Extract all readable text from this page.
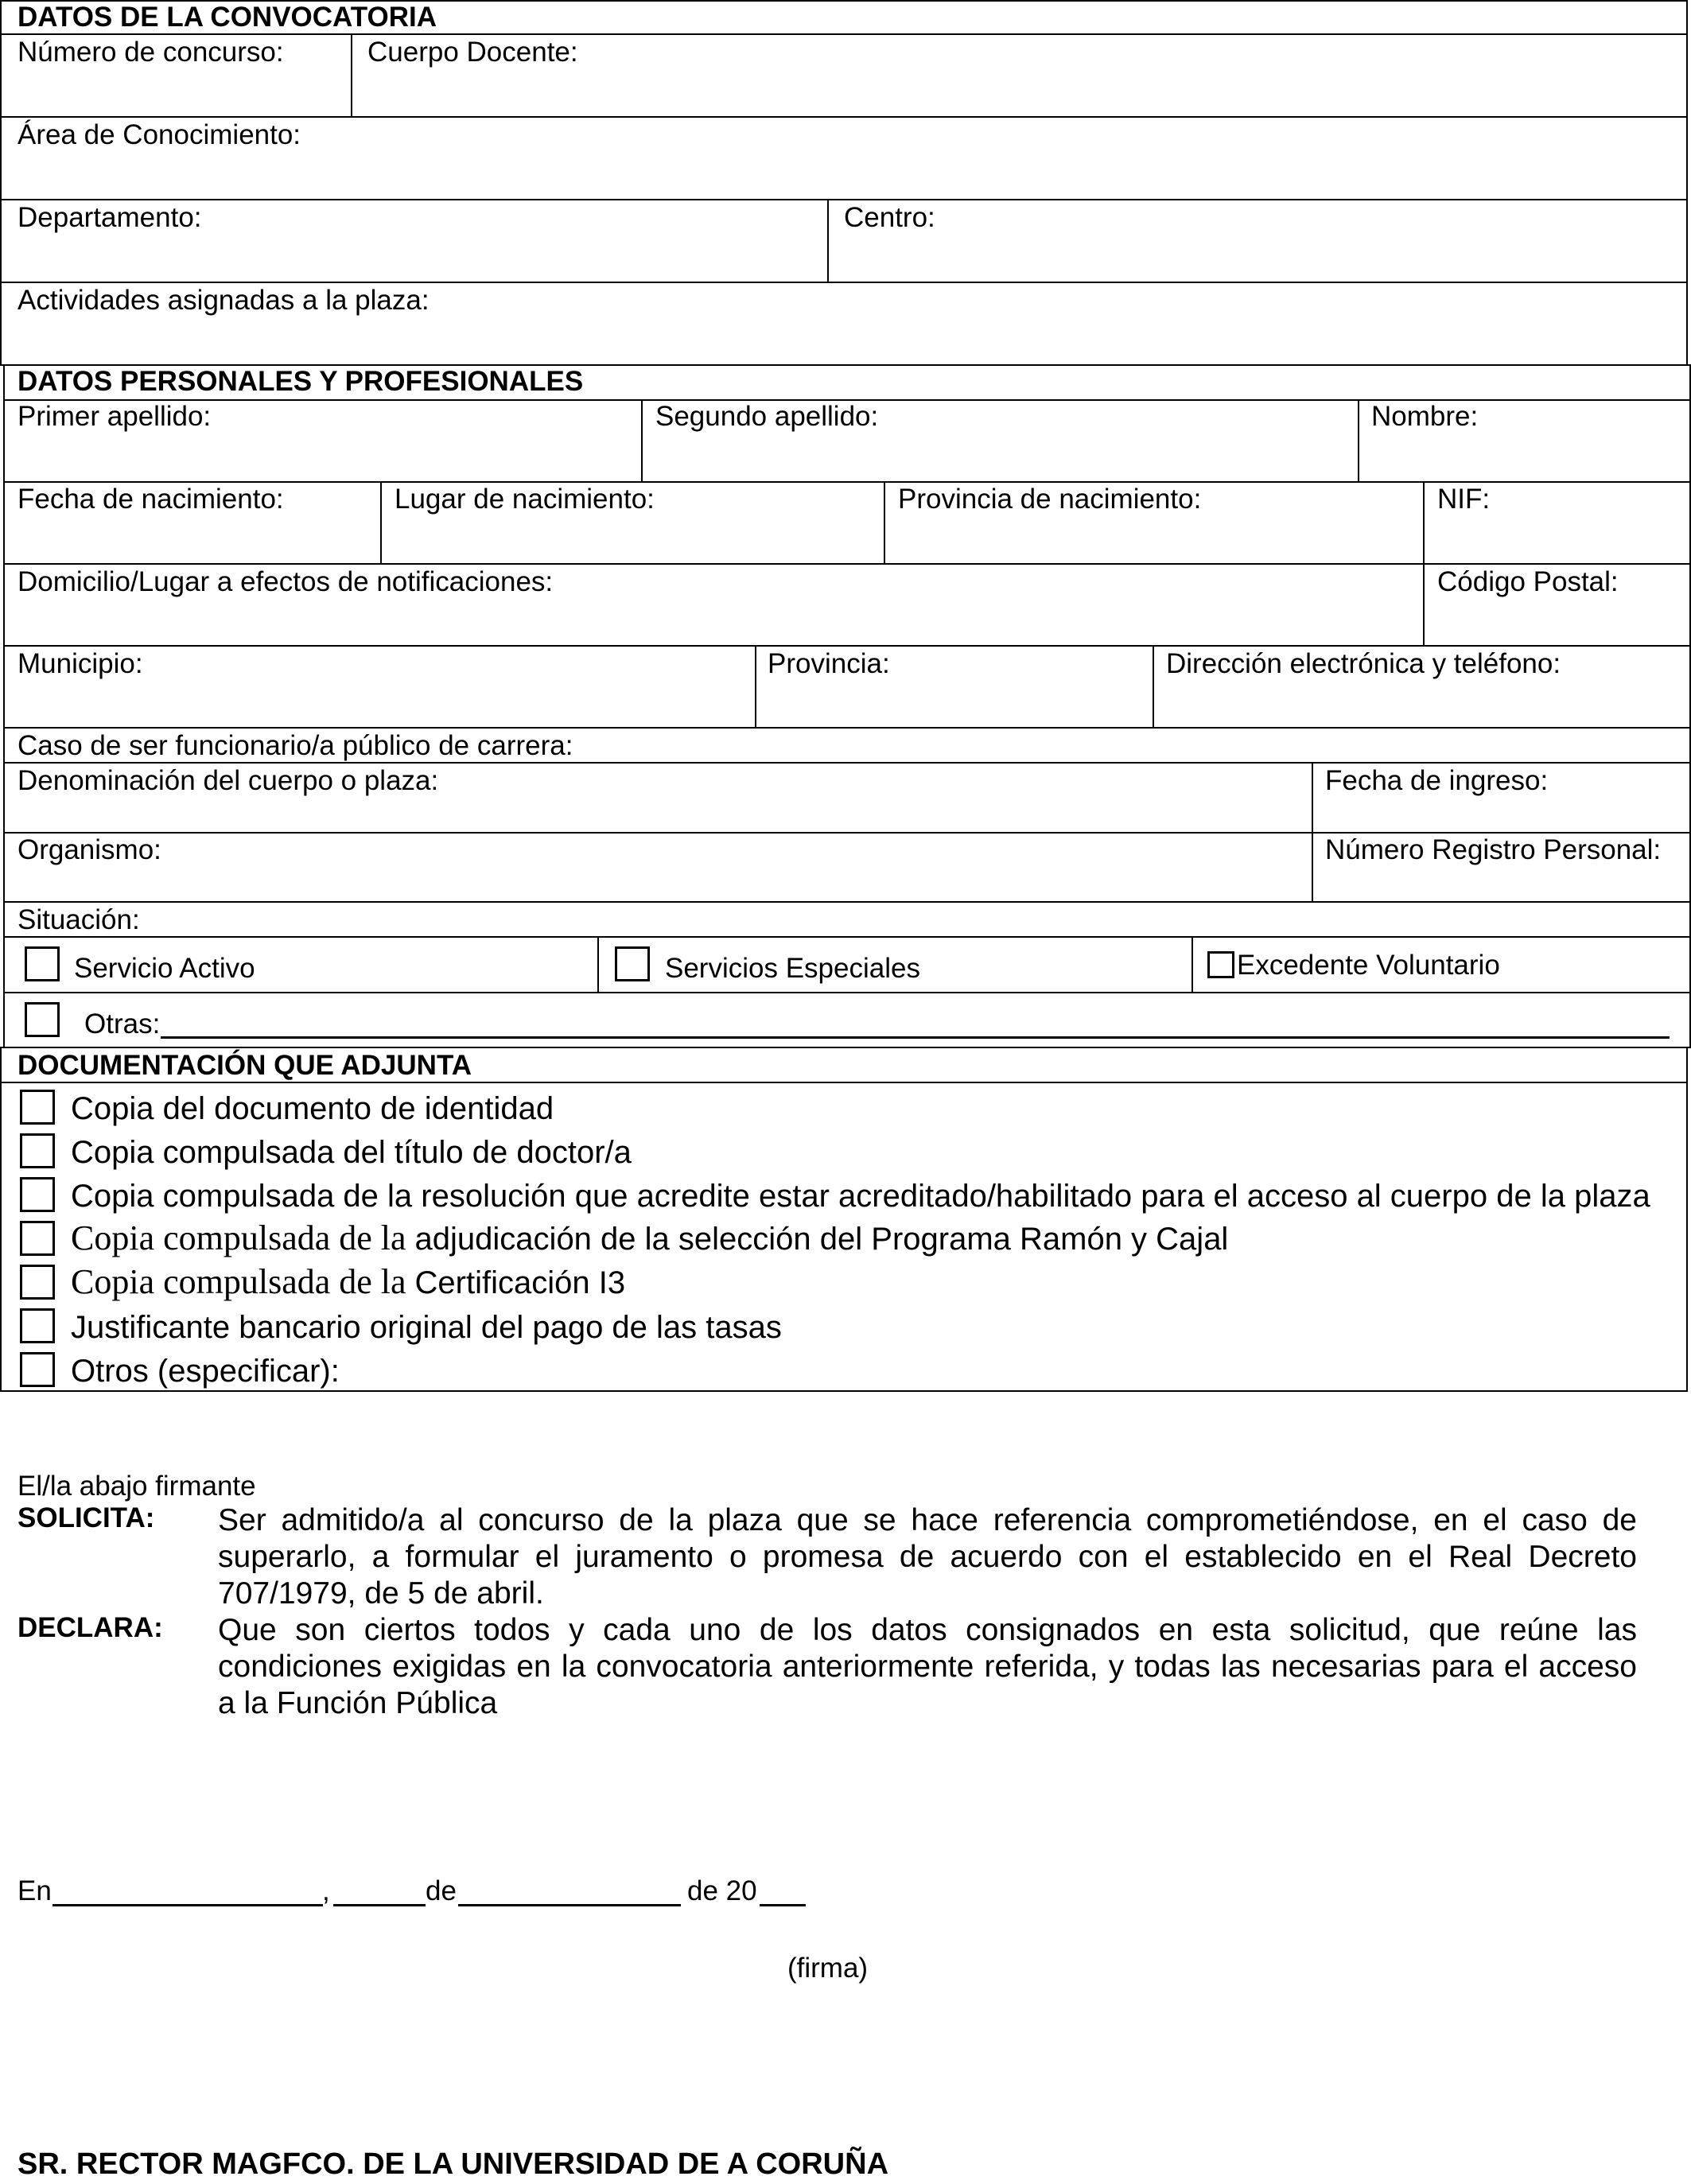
DATOS DE LA CONVOCATORIA
Número de concurso:	Cuerpo Docente:
Área de Conocimiento:
Departamento:	Centro:
Actividades asignadas a la plaza:
DATOS PERSONALES Y PROFESIONALES
Primer apellido:	Segundo apellido:	Nombre:
Fecha de nacimiento:	Lugar de nacimiento:	Provincia de nacimiento:	NIF:
Domicilio/Lugar a efectos de notificaciones:	Código Postal:
Municipio:	Provincia:	Dirección electrónica y teléfono:
Caso de ser funcionario/a público de carrera:
Denominación del cuerpo o plaza:	Fecha de ingreso:
Organismo:	Número Registro Personal:
Situación:
Servicio Activo	Servicios Especiales	Excedente Voluntario
Otras:
DOCUMENTACIÓN QUE ADJUNTA
Copia del documento de identidad
Copia compulsada del título de doctor/a
Copia compulsada de la resolución que acredite estar acreditado/habilitado para el acceso al cuerpo de la plaza
Copia compulsada de la adjudicación de la selección del Programa Ramón y Cajal
Copia compulsada de la Certificación I3
Justificante bancario original del pago de las tasas
Otros (especificar):
El/la abajo firmante
SOLICITA: Ser admitido/a al concurso de la plaza que se hace referencia comprometiéndose, en el caso de superarlo, a formular el juramento o promesa de acuerdo con el establecido en el Real Decreto 707/1979, de 5 de abril.
DECLARA: Que son ciertos todos y cada uno de los datos consignados en esta solicitud, que reúne las condiciones exigidas en la convocatoria anteriormente referida, y todas las necesarias para el acceso a la Función Pública
En	,	de	de 20
(firma)
SR. RECTOR MAGFCO. DE LA UNIVERSIDAD DE A CORUÑA
